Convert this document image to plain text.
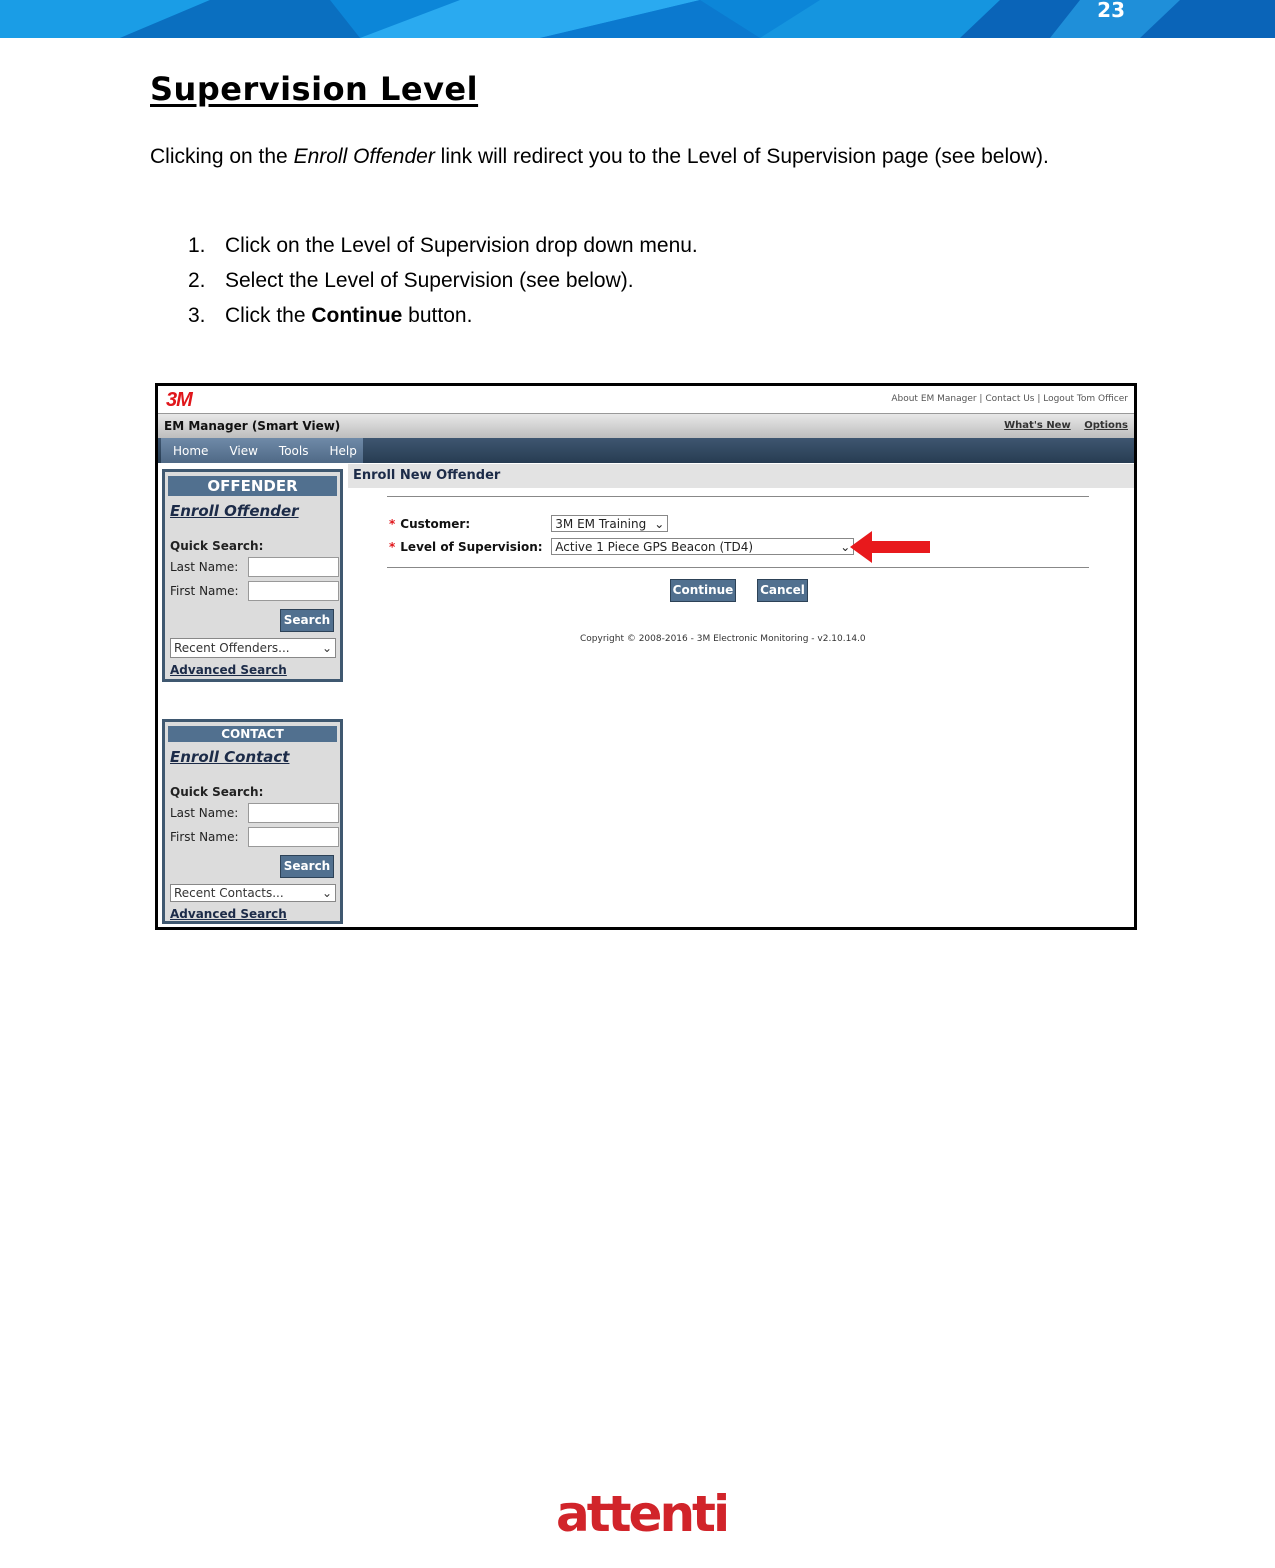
23
Supervision Level

Clicking on the Enroll Offender link will redirect you to the Level of Supervision page (see below).

1. Click on the Level of Supervision drop down menu.
2. Select the Level of Supervision (see below).
3. Click the Continue button.
3M	About EM Manager | Contact Us | Logout Tom Officer
EM Manager (Smart View)	What's New Options
Home View Tools Help
OFFENDER
Enroll Offender
Quick Search:
Last Name:
First Name:
Search
Recent Offenders...	⌄
Advanced Search
CONTACT
Enroll Contact
Quick Search:
Last Name:
First Name:
Search
Recent Contacts...	⌄
Advanced Search
Enroll New Offender
* Customer:	3M EM Training ⌄
* Level of Supervision:	Active 1 Piece GPS Beacon (TD4)	⌄
Continue Cancel
Copyright © 2008-2016 - 3M Electronic Monitoring - v2.10.14.0
attenti
